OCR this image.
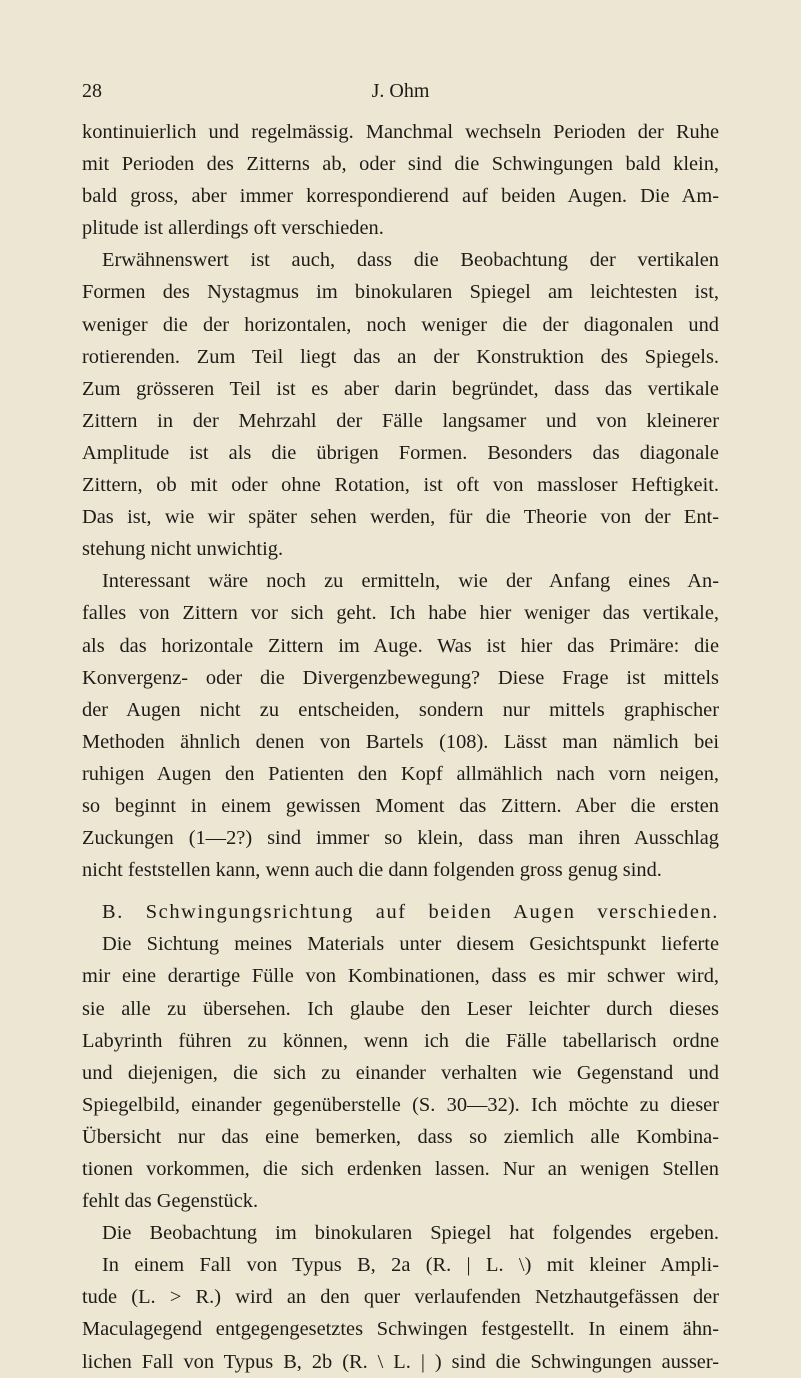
28	J. Ohm
kontinuierlich und regelmässig. Manchmal wechseln Perioden der Ruhe
mit Perioden des Zitterns ab, oder sind die Schwingungen bald klein,
bald gross, aber immer korrespondierend auf beiden Augen. Die Am-
plitude ist allerdings oft verschieden.
Erwähnenswert ist auch, dass die Beobachtung der vertikalen
Formen des Nystagmus im binokularen Spiegel am leichtesten ist,
weniger die der horizontalen, noch weniger die der diagonalen und
rotierenden. Zum Teil liegt das an der Konstruktion des Spiegels.
Zum grösseren Teil ist es aber darin begründet, dass das vertikale
Zittern in der Mehrzahl der Fälle langsamer und von kleinerer
Amplitude ist als die übrigen Formen. Besonders das diagonale
Zittern, ob mit oder ohne Rotation, ist oft von massloser Heftigkeit.
Das ist, wie wir später sehen werden, für die Theorie von der Ent-
stehung nicht unwichtig.
Interessant wäre noch zu ermitteln, wie der Anfang eines An-
falles von Zittern vor sich geht. Ich habe hier weniger das vertikale,
als das horizontale Zittern im Auge. Was ist hier das Primäre: die
Konvergenz- oder die Divergenzbewegung? Diese Frage ist mittels
der Augen nicht zu entscheiden, sondern nur mittels graphischer
Methoden ähnlich denen von Bartels (108). Lässt man nämlich bei
ruhigen Augen den Patienten den Kopf allmählich nach vorn neigen,
so beginnt in einem gewissen Moment das Zittern. Aber die ersten
Zuckungen (1—2?) sind immer so klein, dass man ihren Ausschlag
nicht feststellen kann, wenn auch die dann folgenden gross genug sind.
B. Schwingungsrichtung auf beiden Augen verschieden.
Die Sichtung meines Materials unter diesem Gesichtspunkt lieferte
mir eine derartige Fülle von Kombinationen, dass es mir schwer wird,
sie alle zu übersehen. Ich glaube den Leser leichter durch dieses
Labyrinth führen zu können, wenn ich die Fälle tabellarisch ordne
und diejenigen, die sich zu einander verhalten wie Gegenstand und
Spiegelbild, einander gegenüberstelle (S. 30—32). Ich möchte zu dieser
Übersicht nur das eine bemerken, dass so ziemlich alle Kombina-
tionen vorkommen, die sich erdenken lassen. Nur an wenigen Stellen
fehlt das Gegenstück.
Die Beobachtung im binokularen Spiegel hat folgendes ergeben.
In einem Fall von Typus B, 2a (R. | L. \) mit kleiner Ampli-
tude (L. > R.) wird an den quer verlaufenden Netzhautgefässen der
Maculagegend entgegengesetztes Schwingen festgestellt. In einem ähn-
lichen Fall von Typus B, 2b (R. \ L. | ) sind die Schwingungen ausser-
